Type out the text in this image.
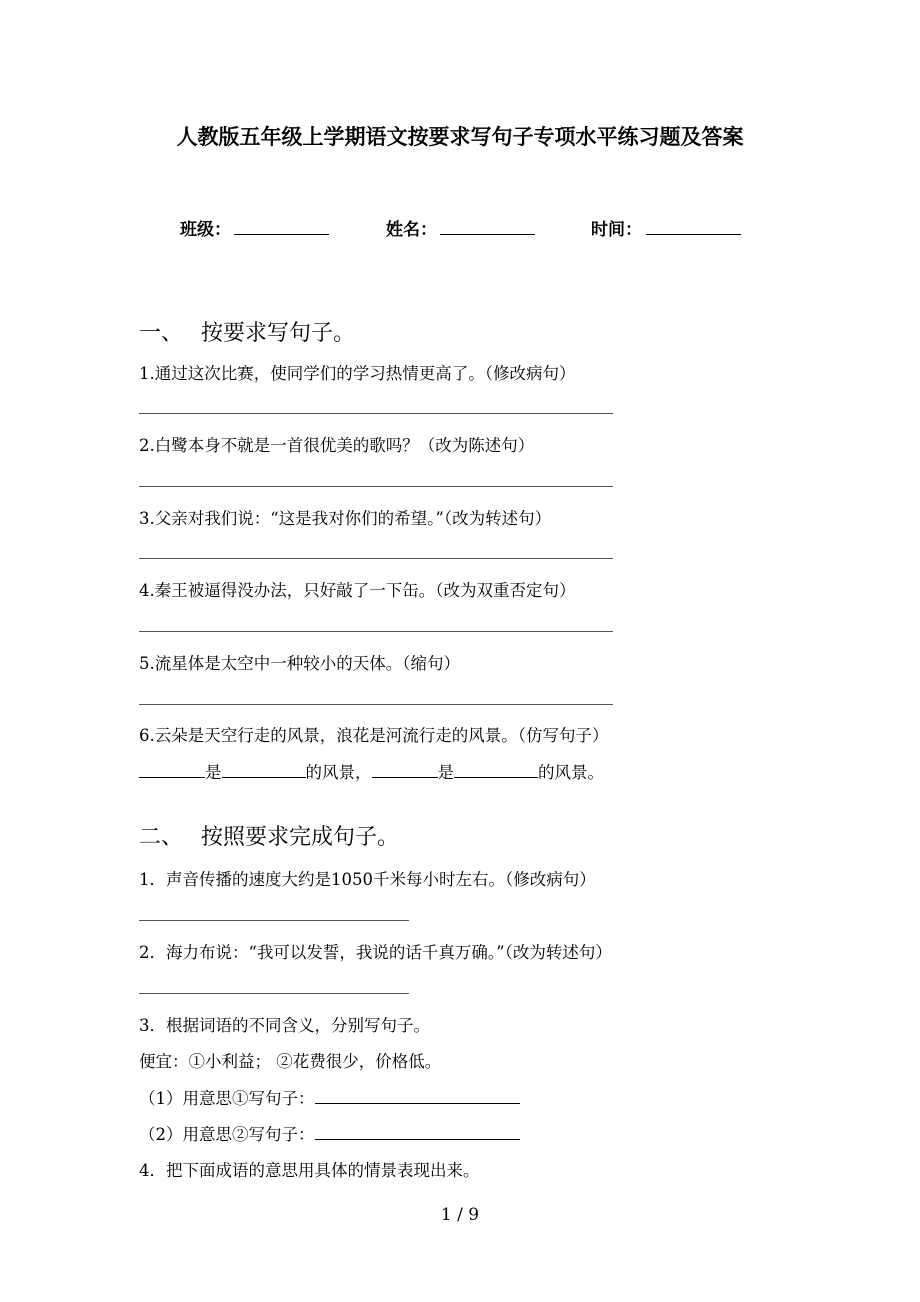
人教版五年级上学期语文按要求写句子专项水平练习题及答案
班级：	姓名：	时间：
一、 按要求写句子。
1.通过这次比赛，使同学们的学习热情更高了。（修改病句）
2.白鹭本身不就是一首很优美的歌吗？（改为陈述句）
3.父亲对我们说：“这是我对你们的希望。”（改为转述句）
4.秦王被逼得没办法，只好敲了一下缶。（改为双重否定句）
5.流星体是太空中一种较小的天体。（缩句）
6.云朵是天空行走的风景，浪花是河流行走的风景。（仿写句子）
是	的风景，	是	的风景。
二、 按照要求完成句子。
1．声音传播的速度大约是1050千米每小时左右。（修改病句）
2．海力布说：“我可以发誓，我说的话千真万确。”（改为转述句）
3．根据词语的不同含义，分别写句子。
便宜：①小利益； ②花费很少，价格低。
（1）用意思①写句子：
（2）用意思②写句子：
4．把下面成语的意思用具体的情景表现出来。
1 / 9
